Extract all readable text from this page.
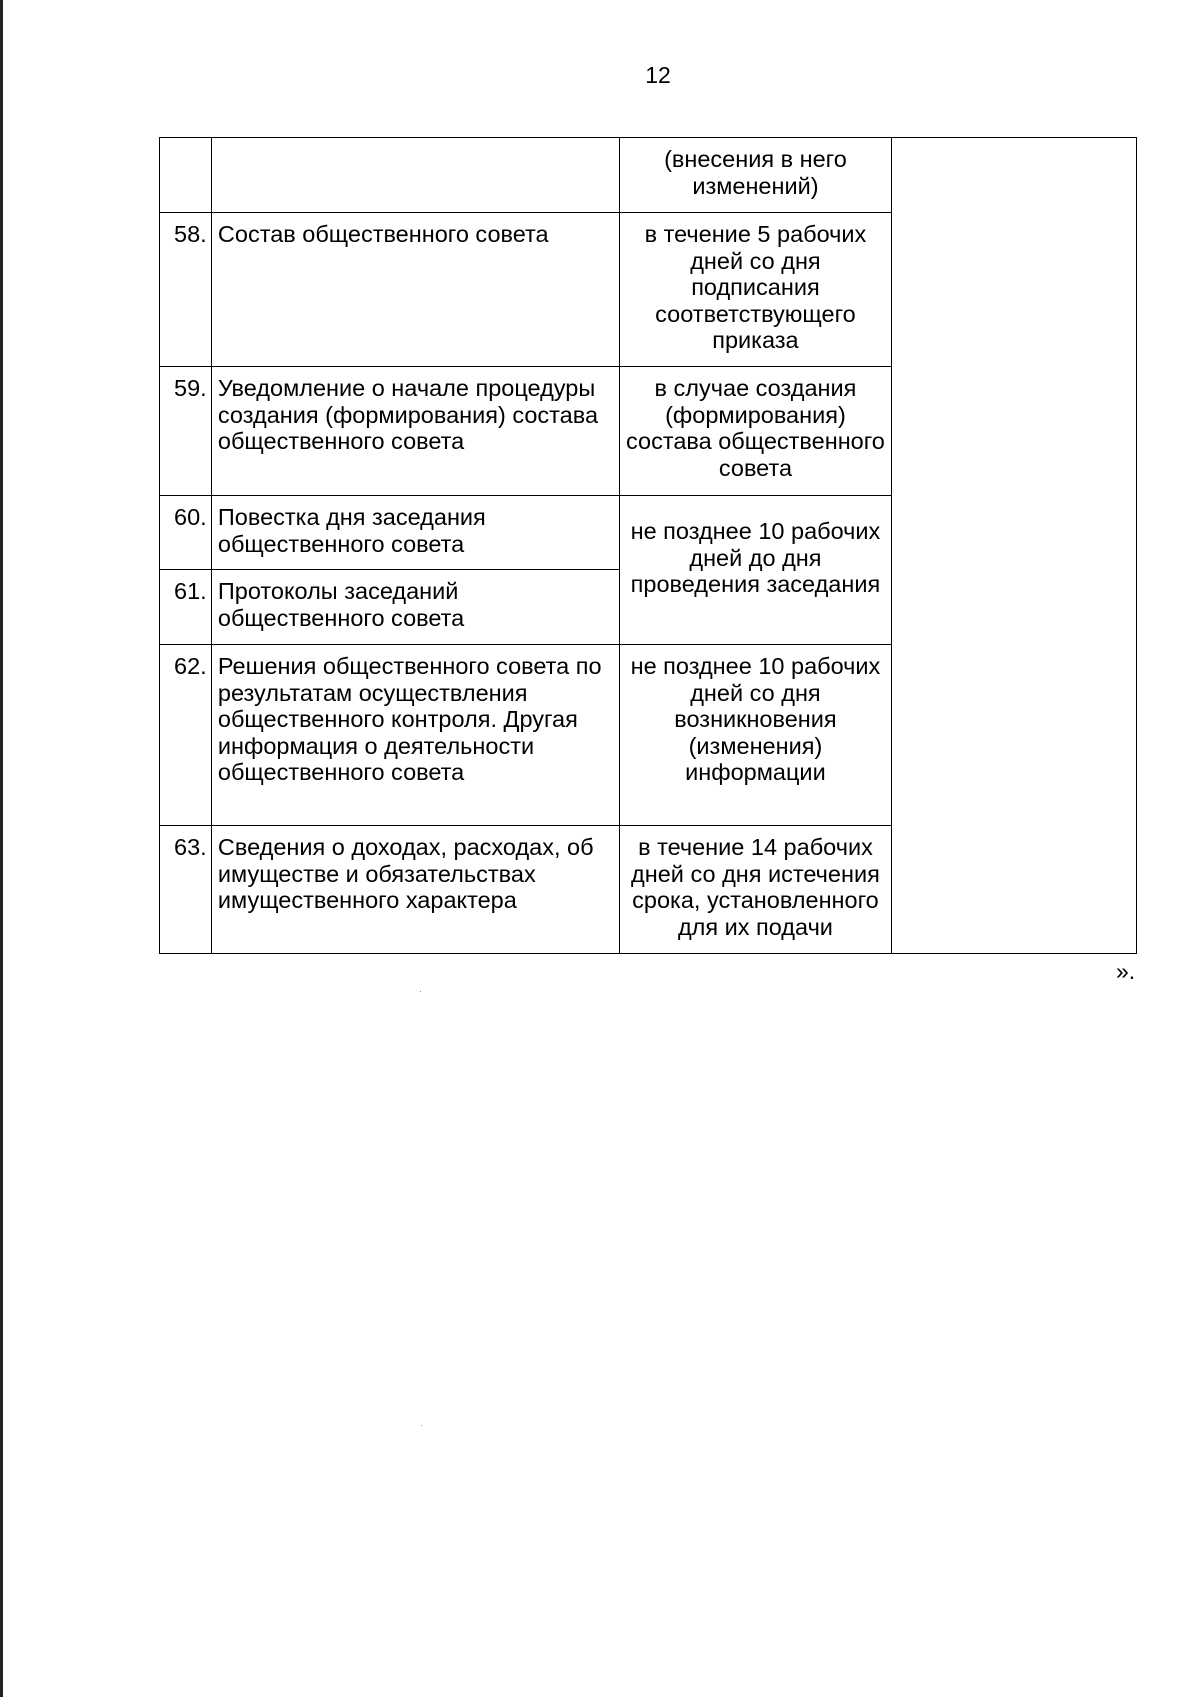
12
		(внесения в него изменений)	
58.	Состав общественного совета	в течение 5 рабочих дней со дня подписания соответствующего приказа	
59.	Уведомление о начале процедуры создания (формирования) состава общественного совета	в случае создания (формирования) состава общественного совета	
60.	Повестка дня заседания общественного совета	не позднее 10 рабочих дней до дня проведения заседания	
61.	Протоколы заседаний общественного совета		
62.	Решения общественного совета по результатам осуществления общественного контроля. Другая информация о деятельности общественного совета	не позднее 10 рабочих дней со дня возникновения (изменения) информации	
63.	Сведения о доходах, расходах, об имуществе и обязательствах имущественного характера	в течение 14 рабочих дней со дня истечения срока, установленного для их подачи	
».
